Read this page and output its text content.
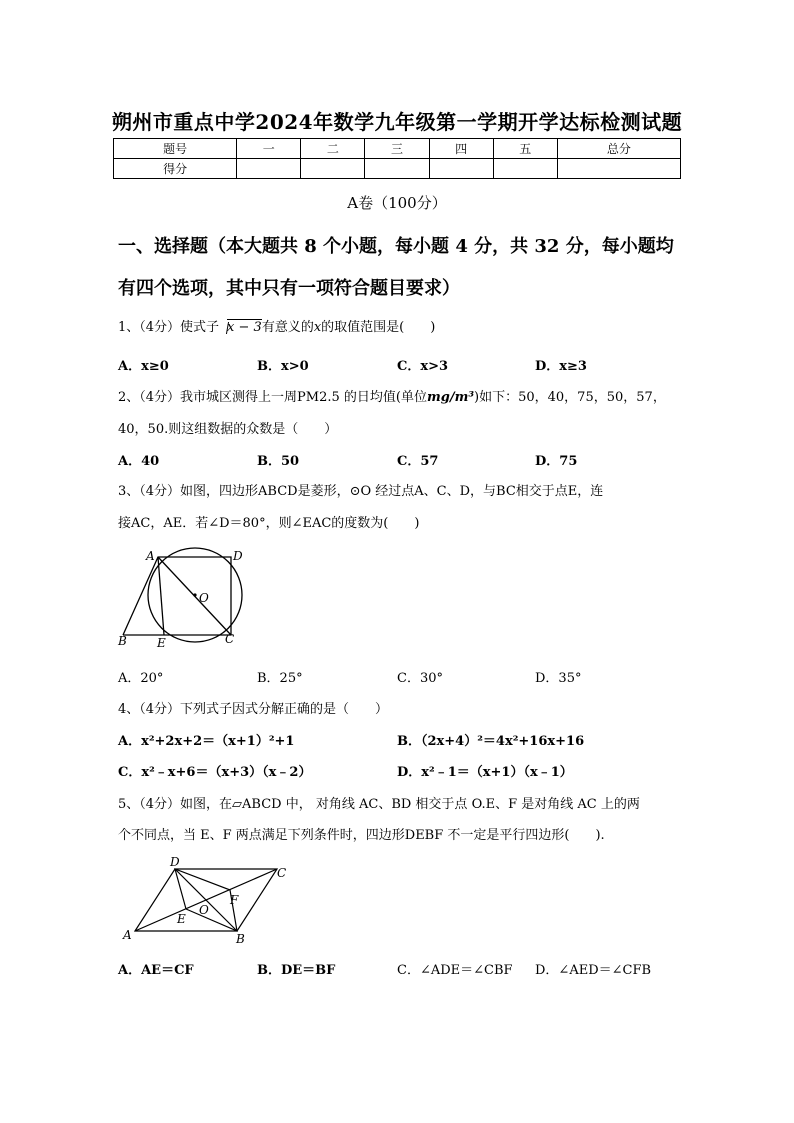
朔州市重点中学2024年数学九年级第一学期开学达标检测试题
题号	一	二	三	四	五	总分
得分						
A卷（100分）
一、选择题（本大题共 8 个小题，每小题 4 分，共 32 分，每小题均
有四个选项，其中只有一项符合题目要求）
1、（4分）使式子 x − 3有意义的x的取值范围是(　　)
A．x≥0	B．x>0	C．x>3	D．x≥3
2、（4分）我市城区测得上一周PM2.5 的日均值(单位mg/m³)如下：50，40，75，50，57，
40，50.则这组数据的众数是（　　）
A．40	B．50	C．57	D．75
3、（4分）如图，四边形ABCD是菱形，⊙O 经过点A、C、D，与BC相交于点E，连
接AC，AE．若∠D＝80°，则∠EAC的度数为(　　)
A	D
O
B	E	C
A．20°	B．25°	C．30°	D．35°
4、（4分）下列式子因式分解正确的是（　　）
A．x²+2x+2＝（x+1）²+1	B．（2x+4）²＝4x²+16x+16
C．x²﹣x+6＝（x+3）（x﹣2）	D．x²﹣1＝（x+1）（x﹣1）
5、（4分）如图，在▱ABCD 中， 对角线 AC、BD 相交于点 O.E、F 是对角线 AC 上的两
个不同点，当 E、F 两点满足下列条件时，四边形DEBF 不一定是平行四边形(　　).
D
C
F
O
E
A	B
A．AE＝CF	B．DE＝BF	C．∠ADE＝∠CBF D．∠AED＝∠CFB
